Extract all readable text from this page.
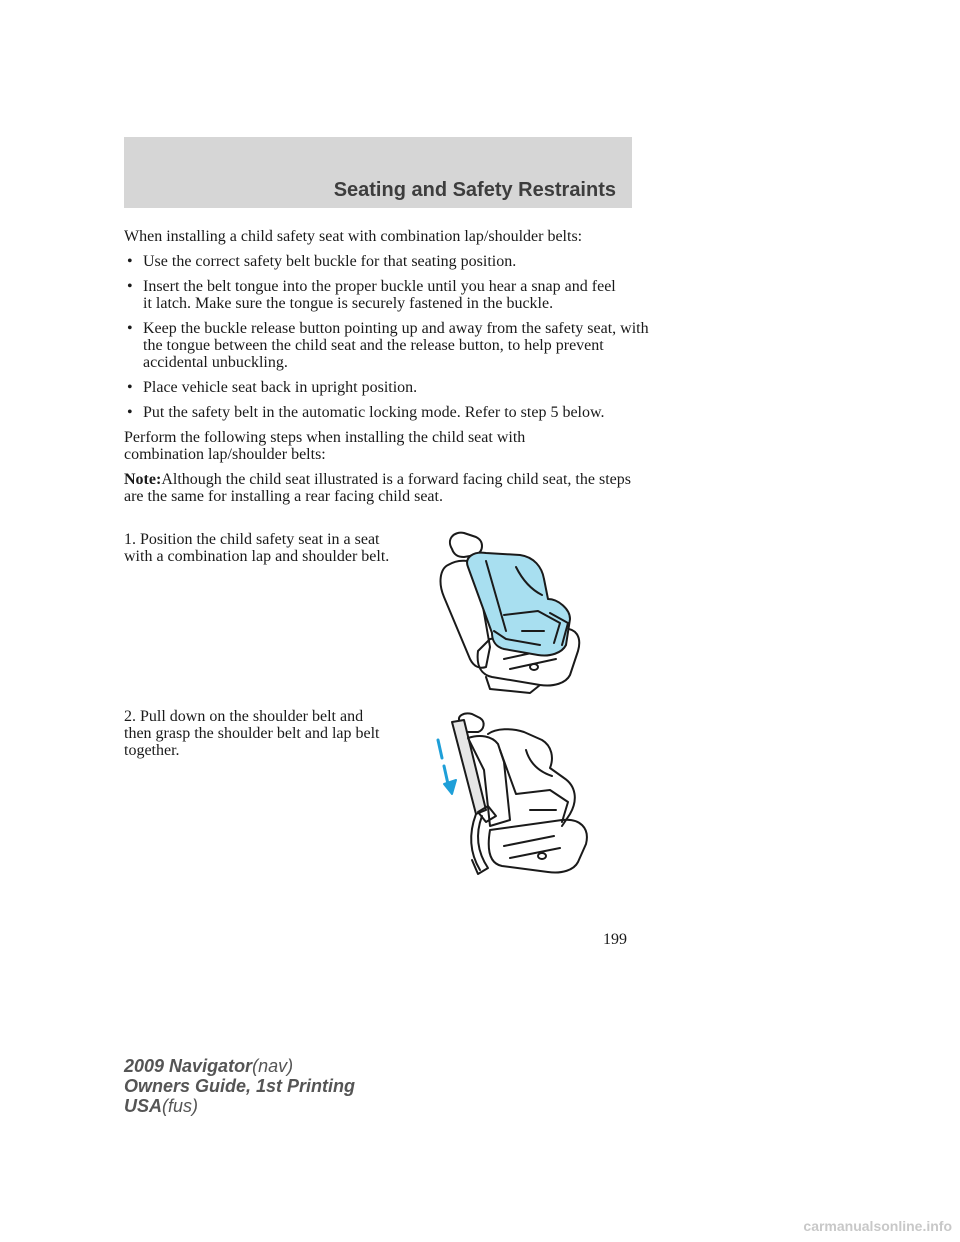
Seating and Safety Restraints

When installing a child safety seat with combination lap/shoulder belts:

• Use the correct safety belt buckle for that seating position.
• Insert the belt tongue into the proper buckle until you hear a snap and feel it latch. Make sure the tongue is securely fastened in the buckle.
• Keep the buckle release button pointing up and away from the safety seat, with the tongue between the child seat and the release button, to help prevent accidental unbuckling.
• Place vehicle seat back in upright position.
• Put the safety belt in the automatic locking mode. Refer to step 5 below.

Perform the following steps when installing the child seat with combination lap/shoulder belts:

Note:Although the child seat illustrated is a forward facing child seat, the steps are the same for installing a rear facing child seat.

1. Position the child safety seat in a seat with a combination lap and shoulder belt.

2. Pull down on the shoulder belt and then grasp the shoulder belt and lap belt together.

199
2009 Navigator(nav)
Owners Guide, 1st Printing
USA(fus)
carmanualsonline.info
